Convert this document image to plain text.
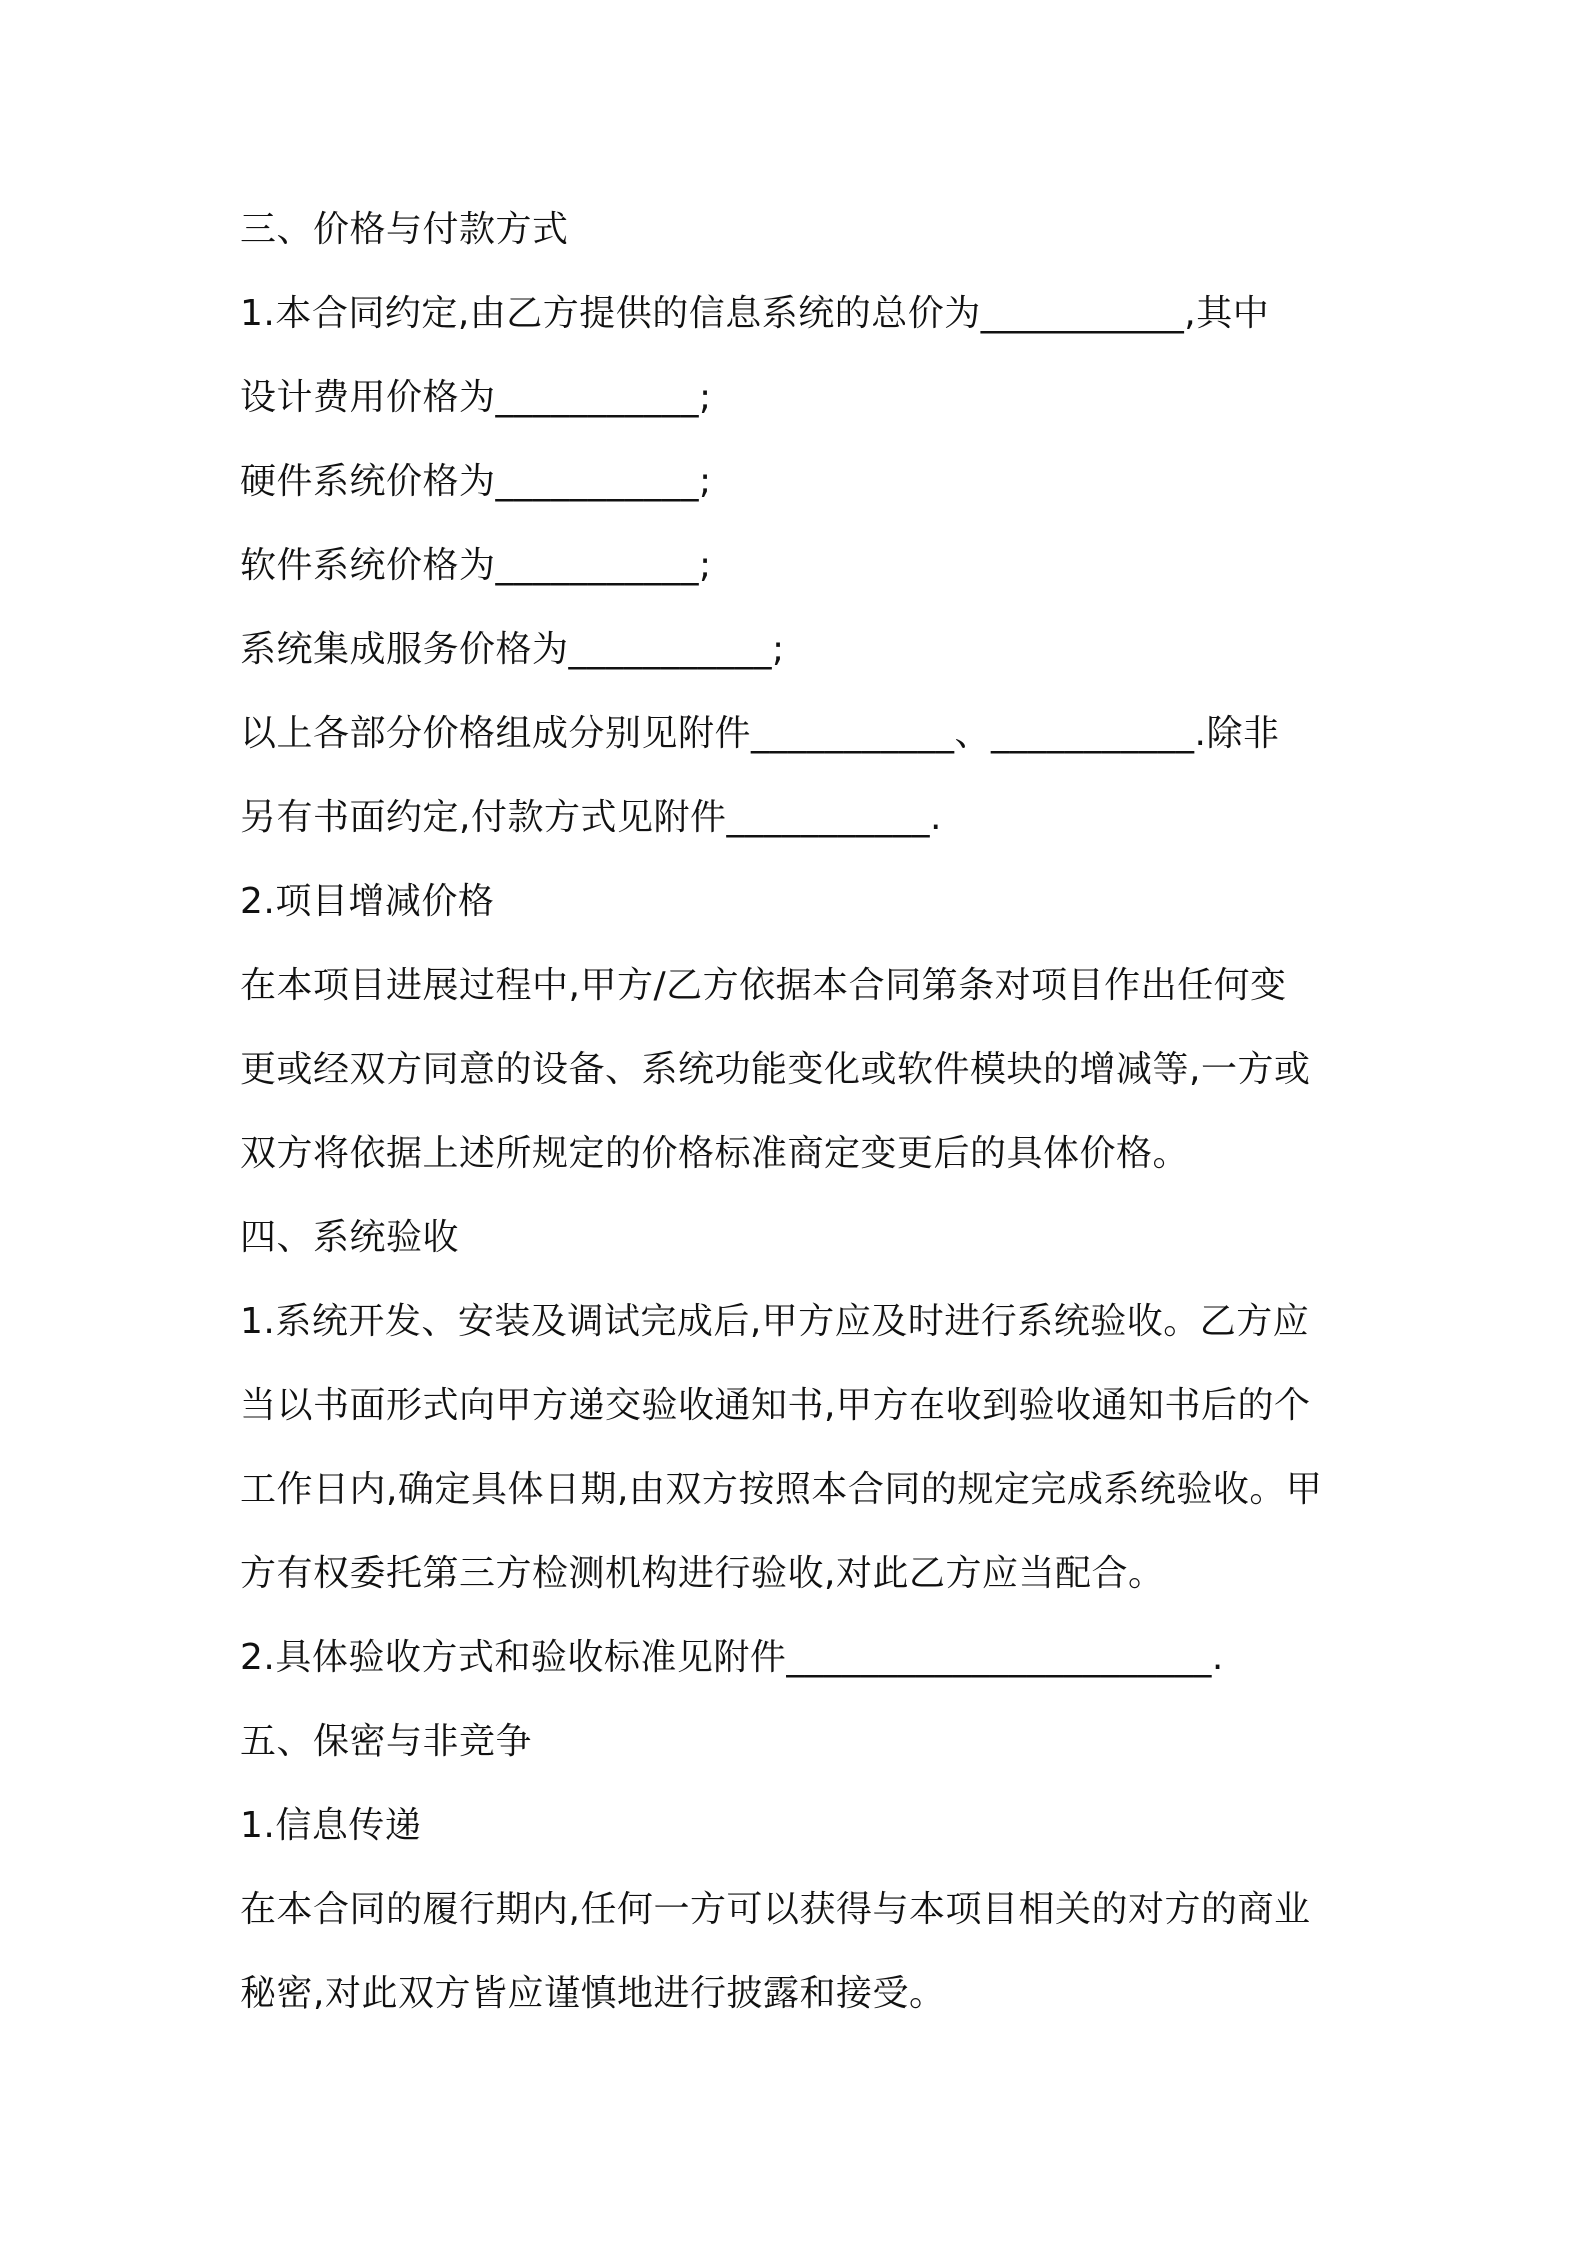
三、价格与付款方式
1.本合同约定,由乙方提供的信息系统的总价为___________,其中
设计费用价格为___________;
硬件系统价格为___________;
软件系统价格为___________;
系统集成服务价格为___________;
以上各部分价格组成分别见附件___________、___________.除非
另有书面约定,付款方式见附件___________.
2.项目增减价格
在本项目进展过程中,甲方/乙方依据本合同第条对项目作出任何变
更或经双方同意的设备、系统功能变化或软件模块的增减等,一方或
双方将依据上述所规定的价格标准商定变更后的具体价格。
四、系统验收
1.系统开发、安装及调试完成后,甲方应及时进行系统验收。乙方应
当以书面形式向甲方递交验收通知书,甲方在收到验收通知书后的个
工作日内,确定具体日期,由双方按照本合同的规定完成系统验收。甲
方有权委托第三方检测机构进行验收,对此乙方应当配合。
2.具体验收方式和验收标准见附件_______________________.
五、保密与非竞争
1.信息传递
在本合同的履行期内,任何一方可以获得与本项目相关的对方的商业
秘密,对此双方皆应谨慎地进行披露和接受。
